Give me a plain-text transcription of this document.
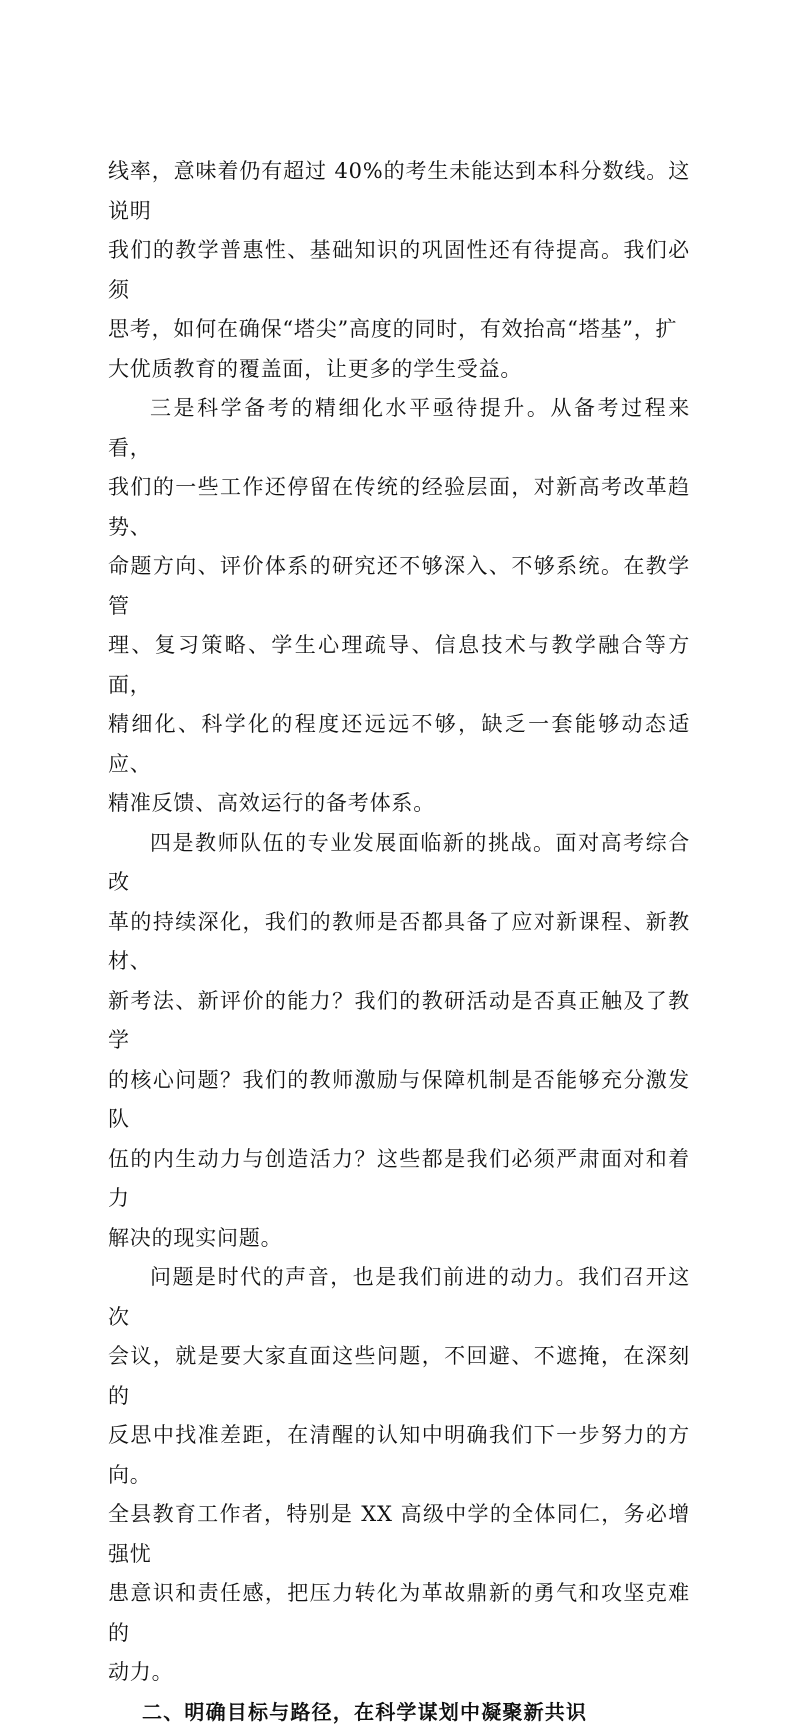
线率，意味着仍有超过 40%的考生未能达到本科分数线。这说明
我们的教学普惠性、基础知识的巩固性还有待提高。我们必须
思考，如何在确保“塔尖”高度的同时，有效抬高“塔基”，扩
大优质教育的覆盖面，让更多的学生受益。
三是科学备考的精细化水平亟待提升。从备考过程来看，
我们的一些工作还停留在传统的经验层面，对新高考改革趋势、
命题方向、评价体系的研究还不够深入、不够系统。在教学管
理、复习策略、学生心理疏导、信息技术与教学融合等方面，
精细化、科学化的程度还远远不够，缺乏一套能够动态适应、
精准反馈、高效运行的备考体系。
四是教师队伍的专业发展面临新的挑战。面对高考综合改
革的持续深化，我们的教师是否都具备了应对新课程、新教材、
新考法、新评价的能力？我们的教研活动是否真正触及了教学
的核心问题？我们的教师激励与保障机制是否能够充分激发队
伍的内生动力与创造活力？这些都是我们必须严肃面对和着力
解决的现实问题。
问题是时代的声音，也是我们前进的动力。我们召开这次
会议，就是要大家直面这些问题，不回避、不遮掩，在深刻的
反思中找准差距，在清醒的认知中明确我们下一步努力的方向。
全县教育工作者，特别是 XX 高级中学的全体同仁，务必增强忧
患意识和责任感，把压力转化为革故鼎新的勇气和攻坚克难的
动力。
二、明确目标与路径，在科学谋划中凝聚新共识
